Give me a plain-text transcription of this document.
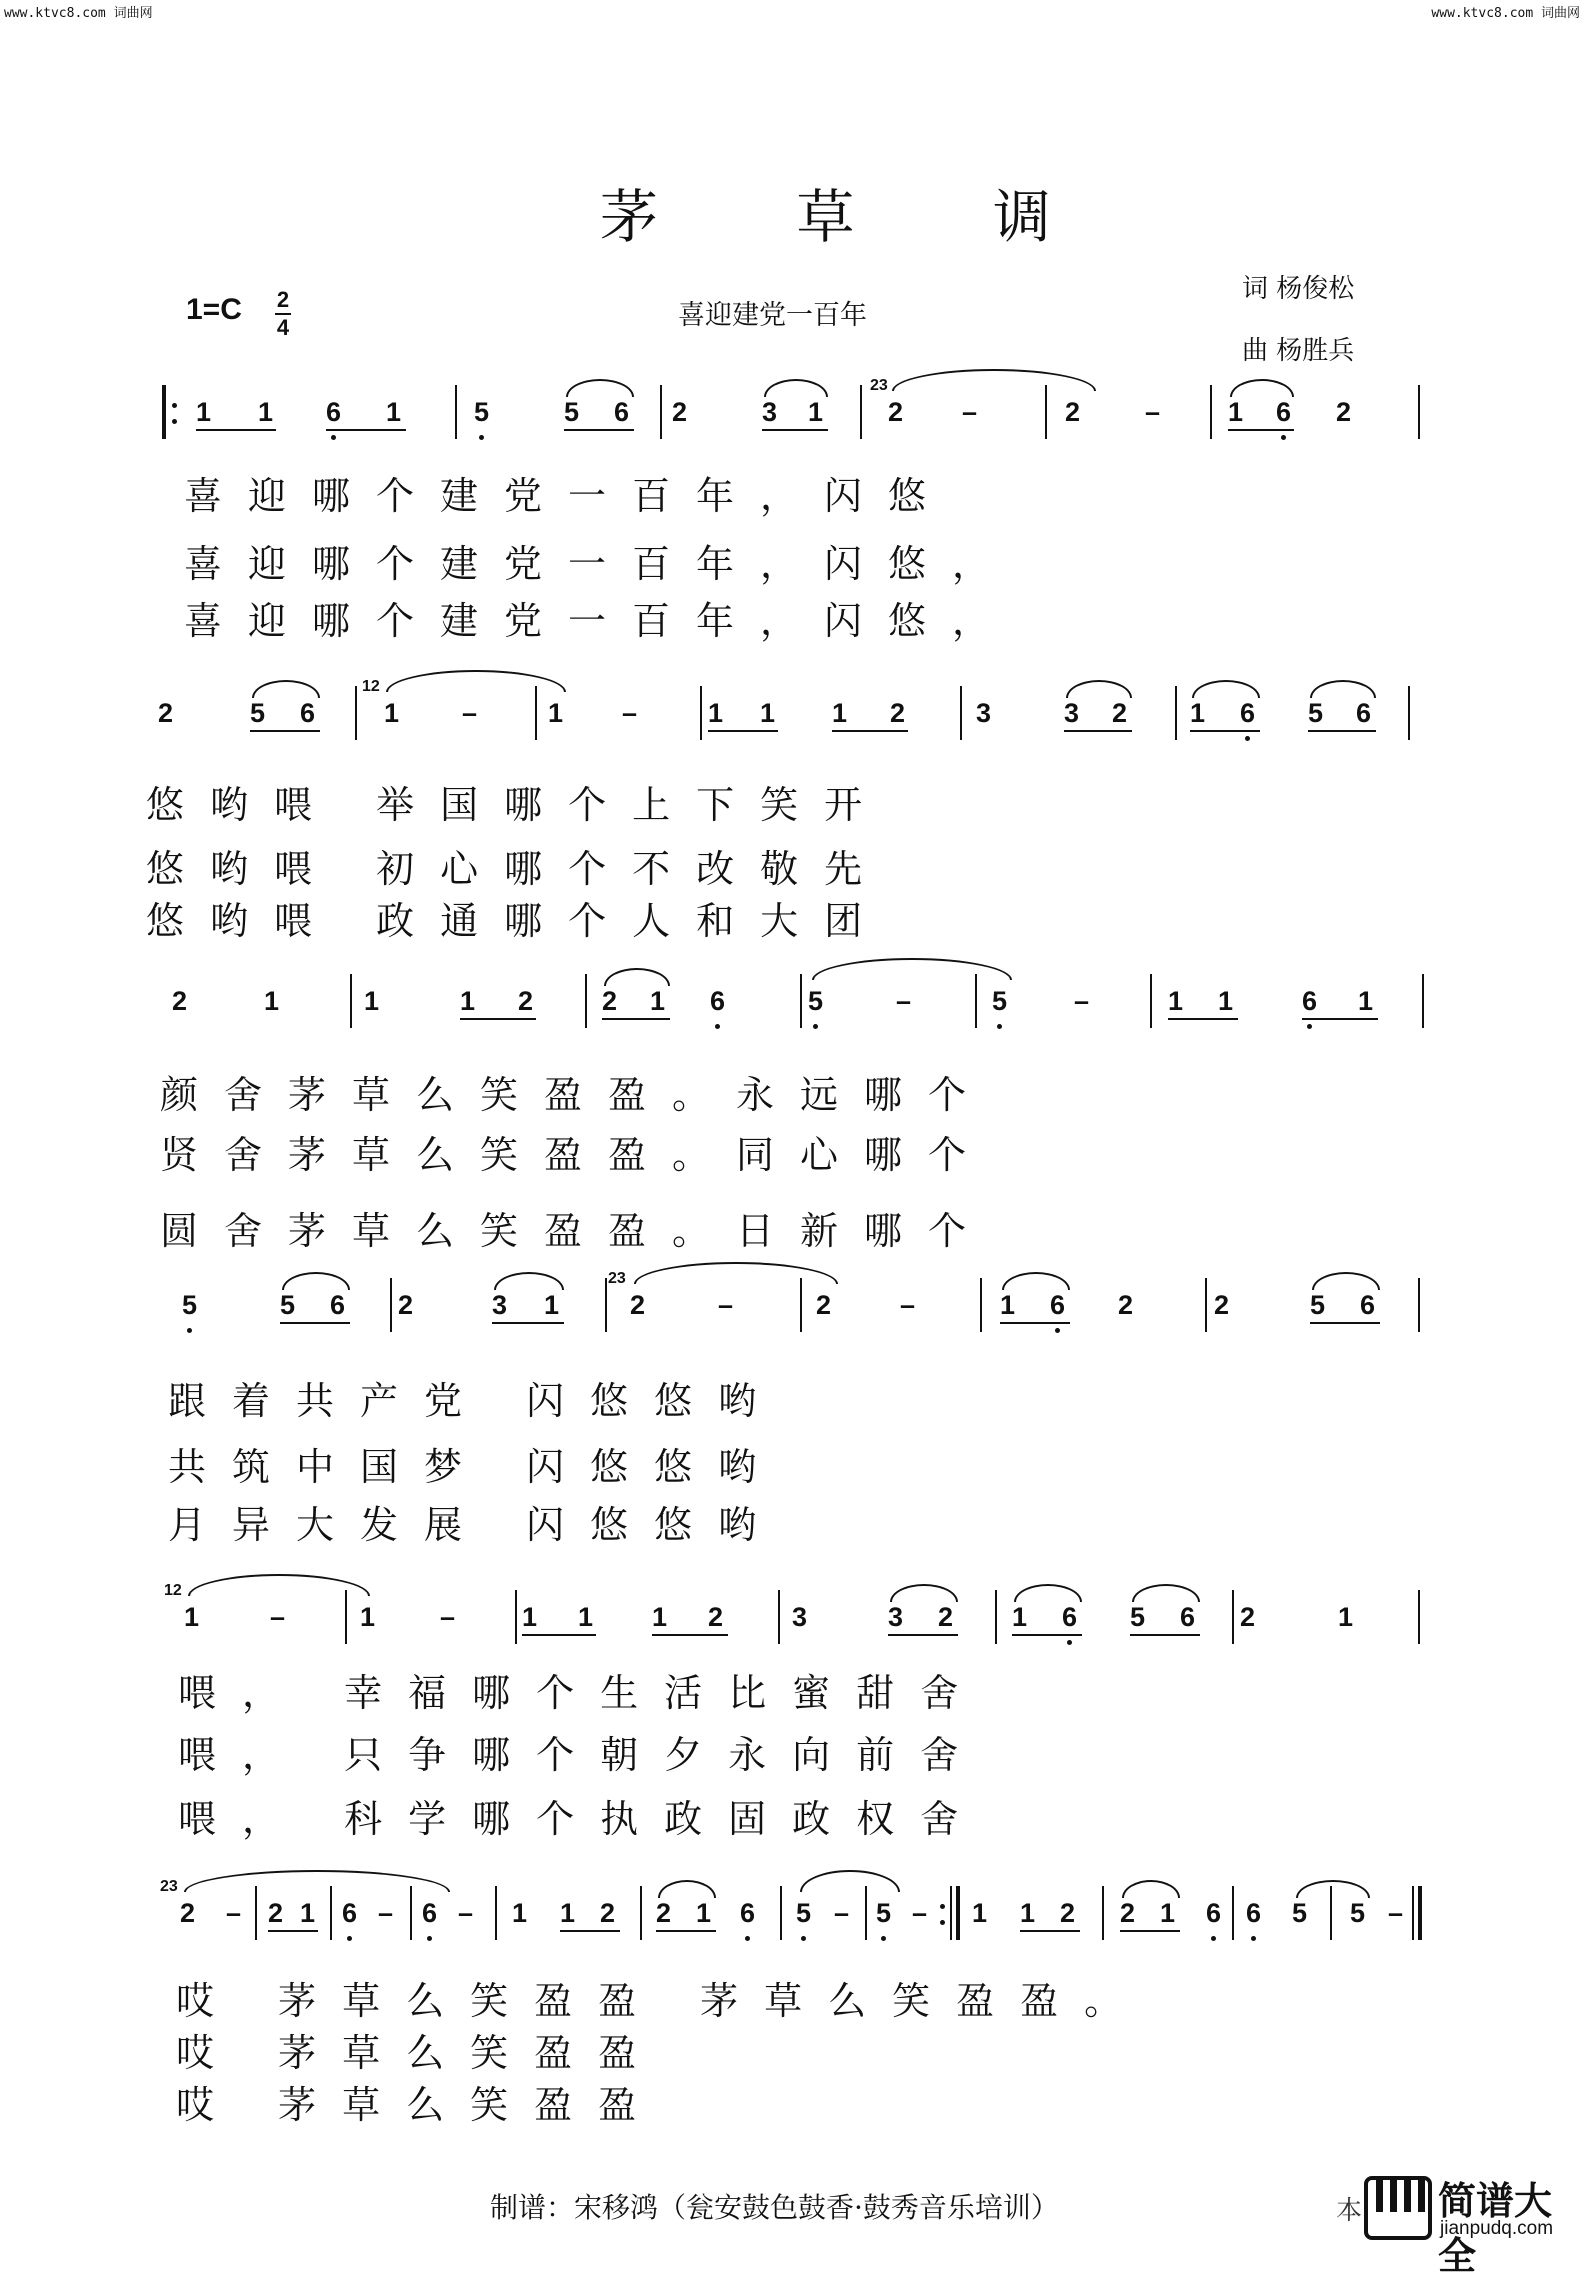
www.ktvc8.com 词曲网	www.ktvc8.com 词曲网
茅 草 调
1=C 2
4	喜迎建党一百年
词 杨俊松
曲 杨胜兵
1 1 6 1	5	5 6 2	3 1
23
2 –	2 –	1 6 2
喜迎哪个建党一百年，闪悠
喜迎哪个建党一百年，闪悠，
喜迎哪个建党一百年，闪悠，
2	5 6
12
1 –	1 –	1 1 1 2	3	3 2 1 6 5 6
悠哟喂 举国哪个上下笑开
悠哟喂 初心哪个不改敬先
悠哟喂 政通哪个人和大团
2	1	1	1 2	2 1 6	5	–	5 –	1 1	6 1
颜舍茅草么笑盈盈。永远哪个
贤舍茅草么笑盈盈。同心哪个
圆舍茅草么笑盈盈。日新哪个
5	5 6 2	3 1
23
2	–	2	–	1 6 2	2	5 6
跟着共产党 闪悠悠哟
共筑中国梦 闪悠悠哟
月异大发展 闪悠悠哟
12
1	–	1 – 1 1 1 2	3	3 2 1 6 5 6 2	1
喂， 幸福哪个生活比蜜甜舍
喂， 只争哪个朝夕永向前舍
喂， 科学哪个执政固政权舍
23
2 – 2 1 6 – 6 – 1 1 2 2 1 6 5 – 5 – 1 1 2 2 1 6 6 5 5 –
哎 茅草么笑盈盈 茅草么笑盈盈。
哎 茅草么笑盈盈
哎 茅草么笑盈盈
制谱：宋移鸿（瓮安鼓色鼓香·鼓秀音乐培训）	本 简谱大全
jianpudq.com
